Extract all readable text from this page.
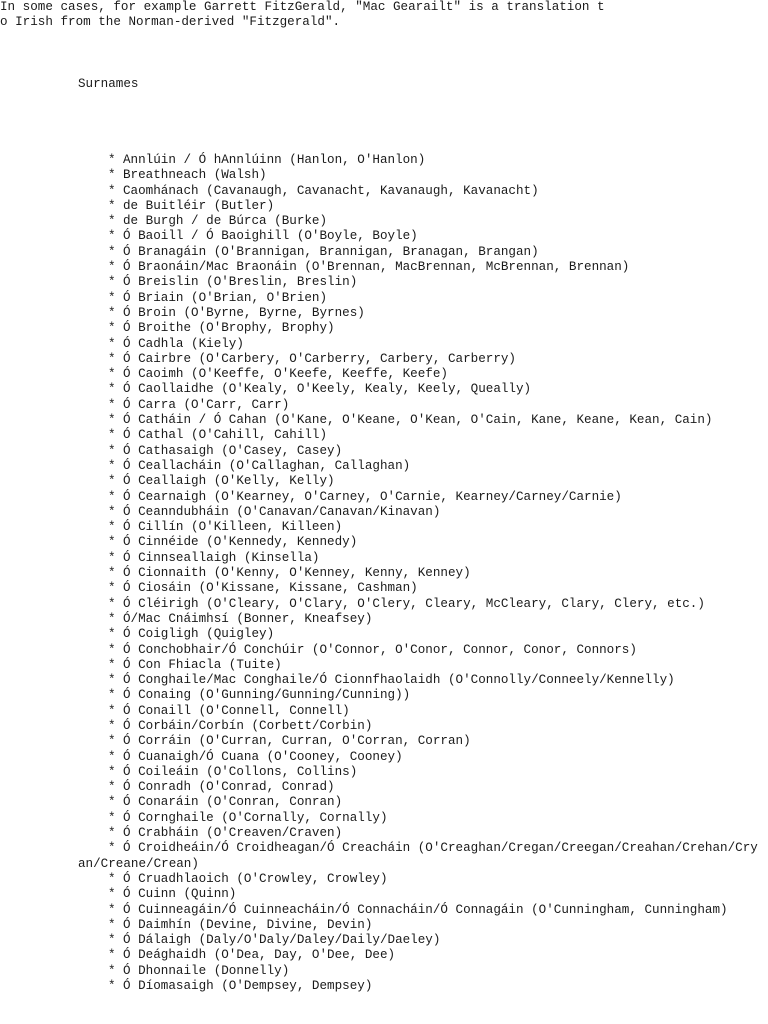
Surnames
In some cases, for example Garrett FitzGerald, "Mac Gearailt" is a translation t
o Irish from the Norman-derived "Fitzgerald".
* Annlúin / Ó hAnnlúinn (Hanlon, O'Hanlon)
* Breathneach (Walsh)
* Caomhánach (Cavanaugh, Cavanacht, Kavanaugh, Kavanacht)
* de Buitléir (Butler)
* de Burgh / de Búrca (Burke)
* Ó Baoill / Ó Baoighill (O'Boyle, Boyle)
* Ó Branagáin (O'Brannigan, Brannigan, Branagan, Brangan)
* Ó Braonáin/Mac Braonáin (O'Brennan, MacBrennan, McBrennan, Brennan)
* Ó Breislin (O'Breslin, Breslin)
* Ó Briain (O'Brian, O'Brien)
* Ó Broin (O'Byrne, Byrne, Byrnes)
* Ó Broithe (O'Brophy, Brophy)
* Ó Cadhla (Kiely)
* Ó Cairbre (O'Carbery, O'Carberry, Carbery, Carberry)
* Ó Caoimh (O'Keeffe, O'Keefe, Keeffe, Keefe)
* Ó Caollaidhe (O'Kealy, O'Keely, Kealy, Keely, Queally)
* Ó Carra (O'Carr, Carr)
* Ó Catháin / Ó Cahan (O'Kane, O'Keane, O'Kean, O'Cain, Kane, Keane, Kean, Cain)
* Ó Cathal (O'Cahill, Cahill)
* Ó Cathasaigh (O'Casey, Casey)
* Ó Ceallacháin (O'Callaghan, Callaghan)
* Ó Ceallaigh (O'Kelly, Kelly)
* Ó Cearnaigh (O'Kearney, O'Carney, O'Carnie, Kearney/Carney/Carnie)
* Ó Ceanndubháin (O'Canavan/Canavan/Kinavan)
* Ó Cillín (O'Killeen, Killeen)
* Ó Cinnéide (O'Kennedy, Kennedy)
* Ó Cinnseallaigh (Kinsella)
* Ó Cionnaith (O'Kenny, O'Kenney, Kenny, Kenney)
* Ó Ciosáin (O'Kissane, Kissane, Cashman)
* Ó Cléirigh (O'Cleary, O'Clary, O'Clery, Cleary, McCleary, Clary, Clery, etc.)
* Ó/Mac Cnáimhsí (Bonner, Kneafsey)
* Ó Coigligh (Quigley)
* Ó Conchobhair/Ó Conchúir (O'Connor, O'Conor, Connor, Conor, Connors)
* Ó Con Fhiacla (Tuite)
* Ó Conghaile/Mac Conghaile/Ó Cionnfhaolaidh (O'Connolly/Conneely/Kennelly)
* Ó Conaing (O'Gunning/Gunning/Cunning))
* Ó Conaill (O'Connell, Connell)
* Ó Corbáin/Corbín (Corbett/Corbin)
* Ó Corráin (O'Curran, Curran, O'Corran, Corran)
* Ó Cuanaigh/Ó Cuana (O'Cooney, Cooney)
* Ó Coileáin (O'Collons, Collins)
* Ó Conradh (O'Conrad, Conrad)
* Ó Conaráin (O'Conran, Conran)
* Ó Cornghaile (O'Cornally, Cornally)
* Ó Crabháin (O'Creaven/Craven)
* Ó Croidheáin/Ó Croidheagan/Ó Creacháin (O'Creaghan/Cregan/Creegan/Creahan/Crehan/Cry
an/Creane/Crean)
* Ó Cruadhlaoich (O'Crowley, Crowley)
* Ó Cuinn (Quinn)
* Ó Cuinneagáin/Ó Cuinneacháin/Ó Connacháin/Ó Connagáin (O'Cunningham, Cunningham)
* Ó Daimhín (Devine, Divine, Devin)
* Ó Dálaigh (Daly/O'Daly/Daley/Daily/Daeley)
* Ó Deághaidh (O'Dea, Day, O'Dee, Dee)
* Ó Dhonnaile (Donnelly)
* Ó Díomasaigh (O'Dempsey, Dempsey)
